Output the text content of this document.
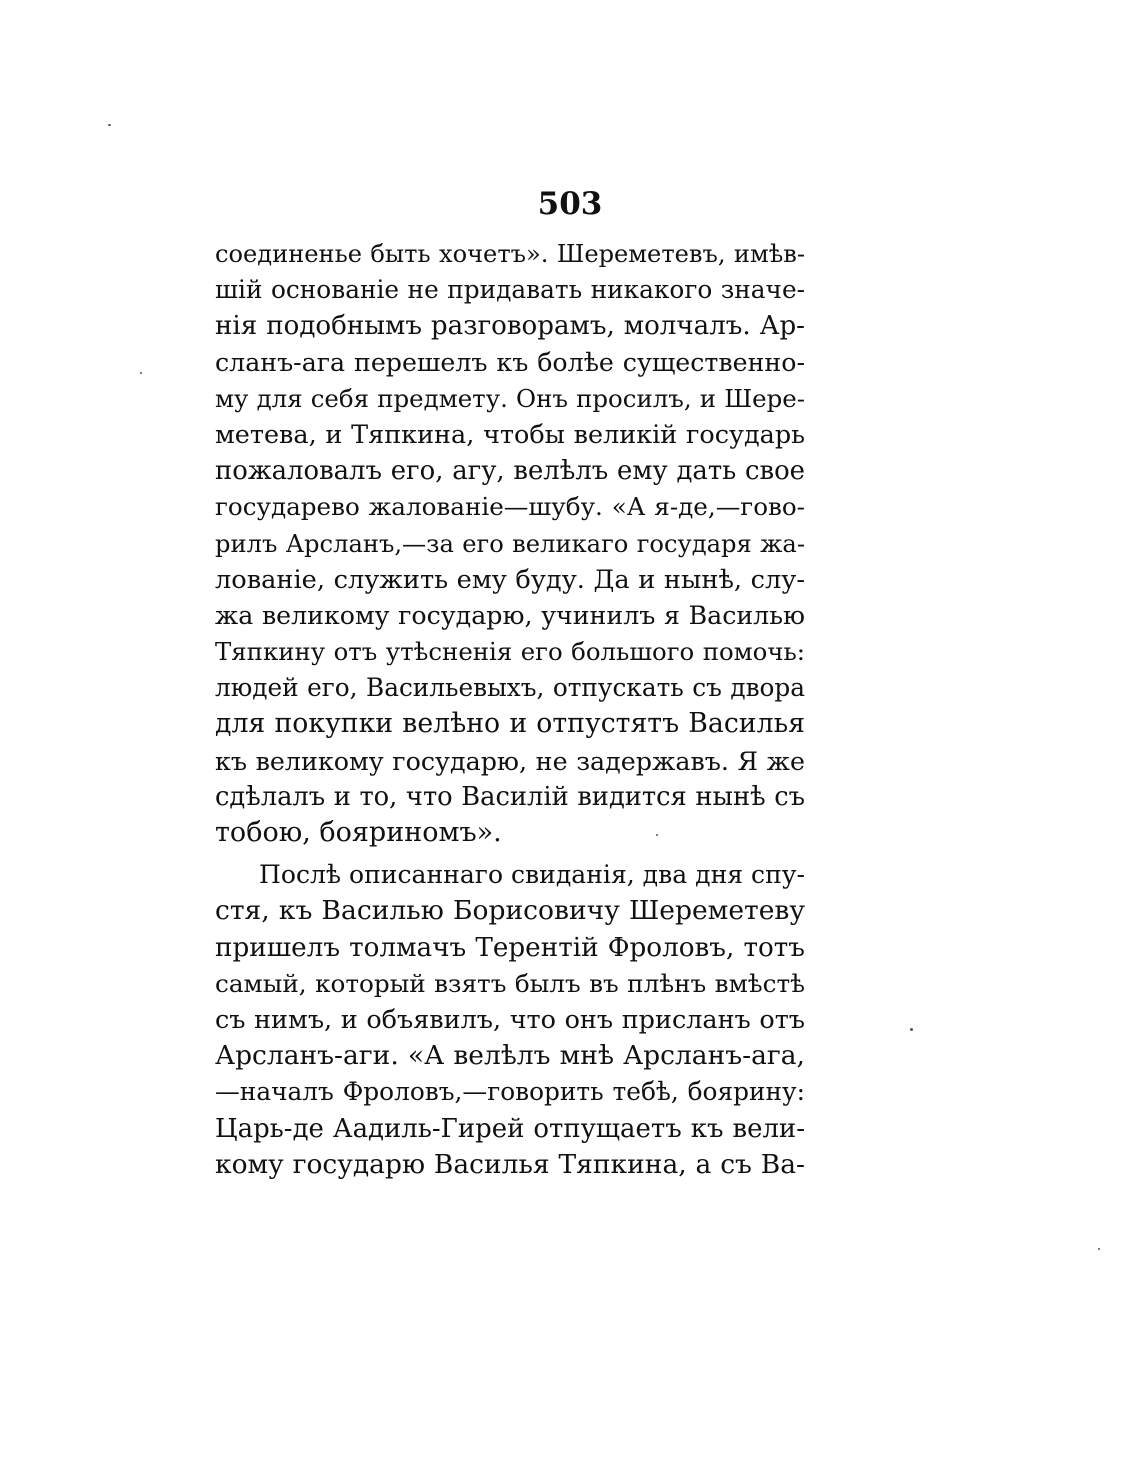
503
соединенье быть хочетъ». Шереметевъ, имѣв-
шій основаніе не придавать никакого значе-
нія подобнымъ разговорамъ, молчалъ. Ар-
сланъ-ага перешелъ къ болѣе существенно-
му для себя предмету. Онъ просилъ, и Шере-
метева, и Тяпкина, чтобы великій государь
пожаловалъ его, агу, велѣлъ ему дать свое
государево жалованіе—шубу. «А я-де,—гово-
рилъ Арсланъ,—за его великаго государя жа-
лованіе, служить ему буду. Да и нынѣ, слу-
жа великому государю, учинилъ я Василью
Тяпкину отъ утѣсненія его большого помочь:
людей его, Васильевыхъ, отпускать съ двора
для покупки велѣно и отпустятъ Василья
къ великому государю, не задержавъ. Я же
сдѣлалъ и то, что Василій видится нынѣ съ
тобою, бояриномъ».
Послѣ описаннаго свиданія, два дня спу-
стя, къ Василью Борисовичу Шереметеву
пришелъ толмачъ Терентій Фроловъ, тотъ
самый, который взятъ былъ въ плѣнъ вмѣстѣ
съ нимъ, и объявилъ, что онъ присланъ отъ
Арсланъ-аги. «А велѣлъ мнѣ Арсланъ-ага,
—началъ Фроловъ,—говорить тебѣ, боярину:
Царь-де Аадиль-Гирей отпущаетъ къ вели-
кому государю Василья Тяпкина, а съ Ва-
